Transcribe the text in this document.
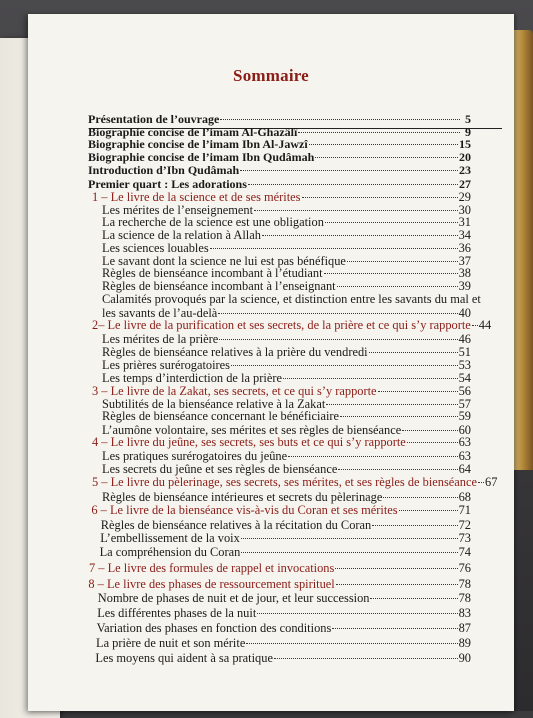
Sommaire
Présentation de l’ouvrage	5
Biographie concise de l’imam Al-Ghazâlî	9
Biographie concise de l’imam Ibn Al-Jawzî	15
Biographie concise de l’imam Ibn Qudâmah	20
Introduction d’Ibn Qudâmah	23
Premier quart : Les adorations	27
1 – Le livre de la science et de ses mérites	29
Les mérites de l’enseignement	30
La recherche de la science est une obligation	31
La science de la relation à Allah	34
Les sciences louables	36
Le savant dont la science ne lui est pas bénéfique	37
Règles de bienséance incombant à l’étudiant	38
Règles de bienséance incombant à l’enseignant	39
Calamités provoqués par la science, et distinction entre les savants du mal et
les savants de l’au-delà	40
2– Le livre de la purification et ses secrets, de la prière et ce qui s’y rapporte 44
Les mérites de la prière	46
Règles de bienséance relatives à la prière du vendredi	51
Les prières surérogatoires	53
Les temps d’interdiction de la prière	54
3 – Le livre de la Zakat, ses secrets, et ce qui s’y rapporte	56
Subtilités de la bienséance relative à la Zakat	57
Règles de bienséance concernant le bénéficiaire	59
L’aumône volontaire, ses mérites et ses règles de bienséance	60
4 – Le livre du jeûne, ses secrets, ses buts et ce qui s’y rapporte	63
Les pratiques surérogatoires du jeûne	63
Les secrets du jeûne et ses règles de bienséance	64
5 – Le livre du pèlerinage, ses secrets, ses mérites, et ses règles de bienséance 67
Règles de bienséance intérieures et secrets du pèlerinage	68
6 – Le livre de la bienséance vis-à-vis du Coran et ses mérites	71
Règles de bienséance relatives à la récitation du Coran	72
L’embellissement de la voix	73
La compréhension du Coran	74
7 – Le livre des formules de rappel et invocations	76
8 – Le livre des phases de ressourcement spirituel	78
Nombre de phases de nuit et de jour, et leur succession	78
Les différentes phases de la nuit	83
Variation des phases en fonction des conditions	87
La prière de nuit et son mérite	89
Les moyens qui aident à sa pratique	90
